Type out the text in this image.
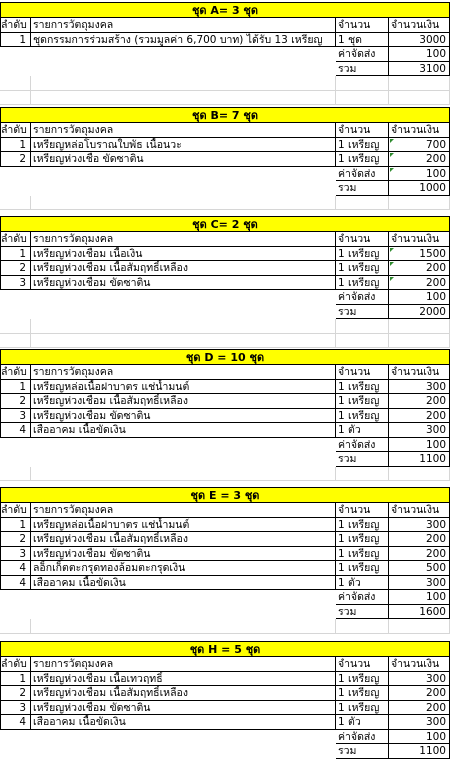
ชุด A= 3 ชุด
ลำดับ รายการวัตถุมงคล	จำนวน	จำนวนเงิน
1 ชุดกรรมการร่วมสร้าง (รวมมูลค่า 6,700 บาท) ได้รับ 13 เหรียญ	1 ชุด	3000
ค่าจัดส่ง	100
รวม	3100
ชุด B= 7 ชุด
ลำดับ รายการวัตถุมงคล	จำนวน	จำนวนเงิน
1 เหรียญหล่อโบราณใบพัธ เนื้อนวะ	1 เหรียญ	700
2 เหรียญห่วงเชื่อ ขัดซาติน	1 เหรียญ	200
ค่าจัดส่ง	100
รวม	1000
ชุด C= 2 ชุด
ลำดับ รายการวัตถุมงคล	จำนวน	จำนวนเงิน
1 เหรียญห่วงเชื่อม เนื้อเงิน	1 เหรียญ	1500
2 เหรียญห่วงเชื่อม เนื้อสัมฤทธิ์เหลือง	1 เหรียญ	200
3 เหรียญห่วงเชื่อม ขัดซาติน	1 เหรียญ	200
ค่าจัดส่ง	100
รวม	2000
ชุด D = 10 ชุด
ลำดับ รายการวัตถุมงคล	จำนวน	จำนวนเงิน
1 เหรียญหล่อเนื้อฝาบาตร แช่น้ำมนต์	1 เหรียญ	300
2 เหรียญห่วงเชื่อม เนื้อสัมฤทธิ์เหลือง	1 เหรียญ	200
3 เหรียญห่วงเชื่อม ขัดซาติน	1 เหรียญ	200
4 เสืออาคม เนื้อขัดเงิน	1 ตัว	300
ค่าจัดส่ง	100
รวม	1100
ชุด E = 3 ชุด
ลำดับ รายการวัตถุมงคล	จำนวน	จำนวนเงิน
1 เหรียญหล่อเนื้อฝาบาตร แช่น้ำมนต์	1 เหรียญ	300
2 เหรียญห่วงเชื่อม เนื้อสัมฤทธิ์เหลือง	1 เหรียญ	200
3 เหรียญห่วงเชื่อม ขัดซาติน	1 เหรียญ	200
4 ลอ็กเก็ตตะกรุดทองล้อมตะกรุดเงิน	1 เหรียญ	500
4 เสืออาคม เนื้อขัดเงิน	1 ตัว	300
ค่าจัดส่ง	100
รวม	1600
ชุด H = 5 ชุด
ลำดับ รายการวัตถุมงคล	จำนวน	จำนวนเงิน
1 เหรียญห่วงเชื่อม เนื้อเทวฤทธิ์	1 เหรียญ	300
2 เหรียญห่วงเชื่อม เนื้อสัมฤทธิ์เหลือง	1 เหรียญ	200
3 เหรียญห่วงเชื่อม ขัดซาติน	1 เหรียญ	200
4 เสืออาคม เนื้อขัดเงิน	1 ตัว	300
ค่าจัดส่ง	100
รวม	1100
